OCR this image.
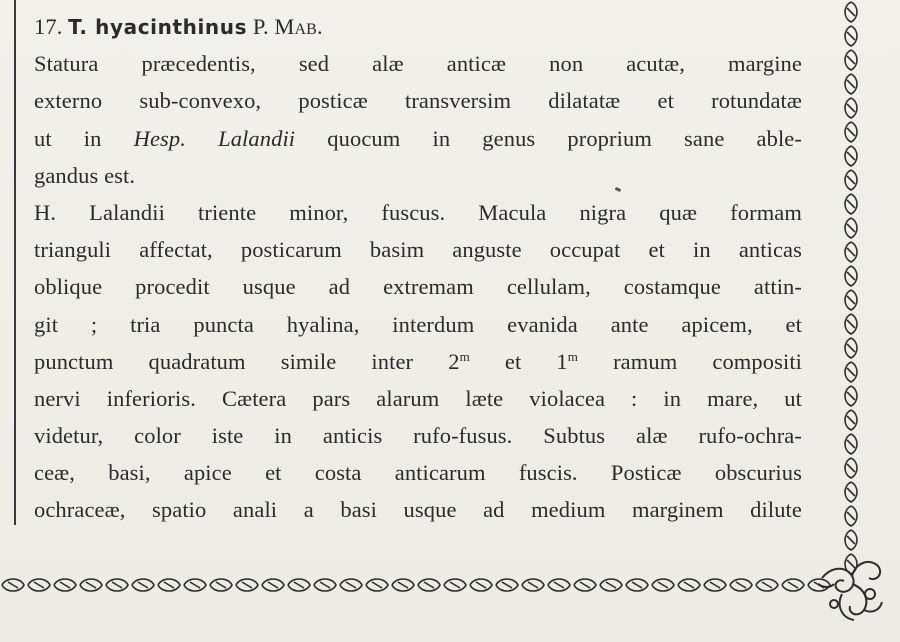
17. T. hyacinthinus P. Mab.
Statura præcedentis, sed alæ anticæ non acutæ, margine
externo sub-convexo, posticæ transversim dilatatæ et rotundatæ
ut in Hesp. Lalandii quocum in genus proprium sane able-
gandus est.
H. Lalandii triente minor, fuscus. Macula nigra quæ formam
trianguli affectat, posticarum basim anguste occupat et in anticas
oblique procedit usque ad extremam cellulam, costamque attin-
git ; tria puncta hyalina, interdum evanida ante apicem, et
punctum quadratum simile inter 2$^m$ et 1$^m$ ramum compositi
nervi inferioris. Cætera pars alarum læte violacea : in mare, ut
videtur, color iste in anticis rufo-fusus. Subtus alæ rufo-ochra-
ceæ, basi, apice et costa anticarum fuscis. Posticæ obscurius
ochraceæ, spatio anali a basi usque ad medium marginem dilute
